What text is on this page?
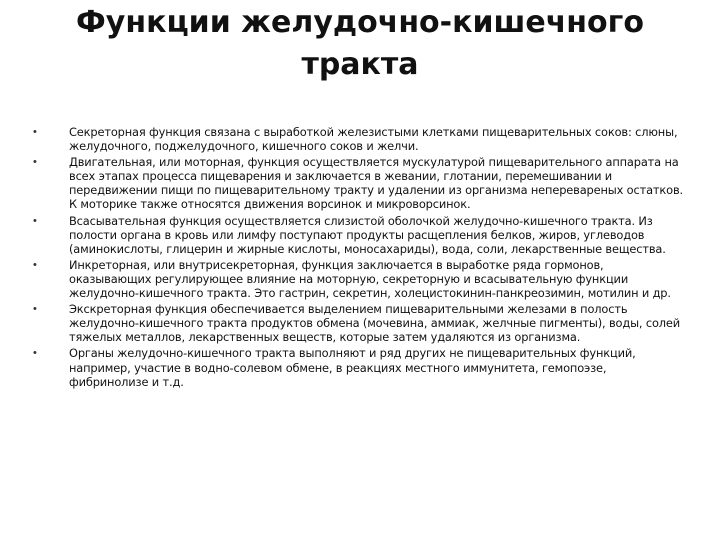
Функции желудочно-кишечного тракта
•	Секреторная функция связана с выработкой железистыми клетками пищеварительных соков: слюны, желудочного, поджелудочного, кишечного соков и желчи.
•	Двигательная, или моторная, функция осуществляется мускулатурой пищеварительного аппарата на всех этапах процесса пищеварения и заключается в жевании, глотании, перемешивании и передвижении пищи по пищеварительному тракту и удалении из организма неперевареных остатков. К моторике также относятся движения ворсинок и микроворсинок.
•	Всасывательная функция осуществляется слизистой оболочкой желудочно-кишечного тракта. Из полости органа в кровь или лимфу поступают продукты расщепления белков, жиров, углеводов (аминокислоты, глицерин и жирные кислоты, моносахариды), вода, соли, лекарственные вещества.
•	Инкреторная, или внутрисекреторная, функция заключается в выработке ряда гормонов, оказывающих регулирующее влияние на моторную, секреторную и всасывательную функции желудочно-кишечного тракта. Это гастрин, секретин, холецистокинин-панкреозимин, мотилин и др.
•	Экскреторная функция обеспечивается выделением пищеварительными железами в полость желудочно-кишечного тракта продуктов обмена (мочевина, аммиак, желчные пигменты), воды, солей тяжелых металлов, лекарственных веществ, которые затем удаляются из организма.
•	Органы желудочно-кишечного тракта выполняют и ряд других не пищеварительных функций, например, участие в водно-солевом обмене, в реакциях местного иммунитета, гемопоэзе, фибринолизе и т.д.
